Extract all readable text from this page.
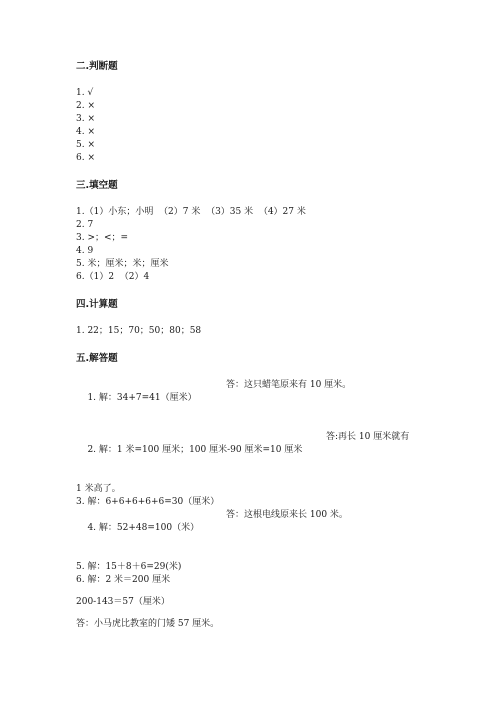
二.判断题
1. √
2. ×
3. ×
4. ×
5. ×
6. ×
三.填空题
1.（1）小东；小明  （2）7 米  （3）35 米  （4）27 米
2. 7
3. >；<；=
4. 9
5. 米；厘米；米；厘米
6.（1）2  （2）4
四.计算题
1. 22；15；70；50；80；58
五.解答题

1. 解：34+7=41（厘米）

答：这只蜡笔原来有 10 厘米。

2. 解：1 米=100 厘米；100 厘米-90 厘米=10 厘米

答:再长 10 厘米就有

1 米高了。
3. 解：6+6+6+6+6=30（厘米）

4. 解：52+48=100（米）

答：这根电线原来长 100 米。

5. 解：15＋8＋6=29(米)
6. 解：2 米＝200 厘米
200-143＝57（厘米）
答：小马虎比教室的门矮 57 厘米。
